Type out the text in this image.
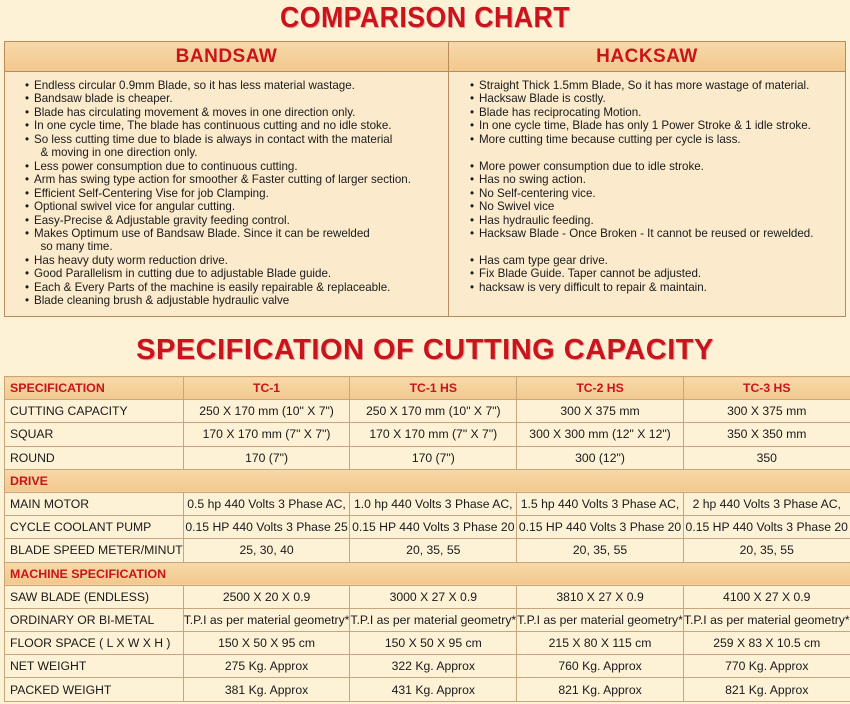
COMPARISON CHART
BANDSAW	HACKSAW
• Endless circular 0.9mm Blade, so it has less material wastage.
• Bandsaw blade is cheaper.
• Blade has circulating movement & moves in one direction only.
• In one cycle time, The blade has continuous cutting and no idle stoke.
• So less cutting time due to blade is always in contact with the material
& moving in one direction only.
• Less power consumption due to continuous cutting.
• Arm has swing type action for smoother & Faster cutting of larger section.
• Efficient Self-Centering Vise for job Clamping.
• Optional swivel vice for angular cutting.
• Easy-Precise & Adjustable gravity feeding control.
• Makes Optimum use of Bandsaw Blade. Since it can be rewelded
so many time.
• Has heavy duty worm reduction drive.
• Good Parallelism in cutting due to adjustable Blade guide.
• Each & Every Parts of the machine is easily repairable & replaceable.
• Blade cleaning brush & adjustable hydraulic valve
• Straight Thick 1.5mm Blade, So it has more wastage of material.
• Hacksaw Blade is costly.
• Blade has reciprocating Motion.
• In one cycle time, Blade has only 1 Power Stroke & 1 idle stroke.
• More cutting time because cutting per cycle is lass.
• More power consumption due to idle stroke.
• Has no swing action.
• No Self-centering vice.
• No Swivel vice
• Has hydraulic feeding.
• Hacksaw Blade - Once Broken - It cannot be reused or rewelded.
• Has cam type gear drive.
• Fix Blade Guide. Taper cannot be adjusted.
• hacksaw is very difficult to repair & maintain.
SPECIFICATION OF CUTTING CAPACITY
SPECIFICATION	TC-1	TC-1 HS	TC-2 HS	TC-3 HS
CUTTING CAPACITY	250 X 170 mm (10" X 7")	250 X 170 mm (10" X 7")	300 X 375 mm	300 X 375 mm
SQUAR	170 X 170 mm (7" X 7")	170 X 170 mm (7" X 7")	300 X 300 mm (12" X 12")	350 X 350 mm
ROUND	170 (7")	170 (7")	300 (12")	350
DRIVE				
MAIN MOTOR	0.5 hp 440 Volts 3 Phase AC,	1.0 hp 440 Volts 3 Phase AC,	1.5 hp 440 Volts 3 Phase AC,	2 hp 440 Volts 3 Phase AC,
CYCLE COOLANT PUMP	0.15 HP 440 Volts 3 Phase 25	0.15 HP 440 Volts 3 Phase 20	0.15 HP 440 Volts 3 Phase 20	0.15 HP 440 Volts 3 Phase 20
BLADE SPEED METER/MINUT	25, 30, 40	20, 35, 55	20, 35, 55	20, 35, 55
MACHINE SPECIFICATION				
SAW BLADE (ENDLESS)	2500 X 20 X 0.9	3000 X 27 X 0.9	3810 X 27 X 0.9	4100 X 27 X 0.9
ORDINARY OR BI-METAL	T.P.I as per material geometry*	T.P.I as per material geometry*	T.P.I as per material geometry*	T.P.I as per material geometry*
FLOOR SPACE ( L X W X H )	150 X 50 X 95 cm	150 X 50 X 95 cm	215 X 80 X 115 cm	259 X 83 X 10.5 cm
NET WEIGHT	275 Kg. Approx	322 Kg. Approx	760 Kg. Approx	770 Kg. Approx
PACKED WEIGHT	381 Kg. Approx	431 Kg. Approx	821 Kg. Approx	821 Kg. Approx
